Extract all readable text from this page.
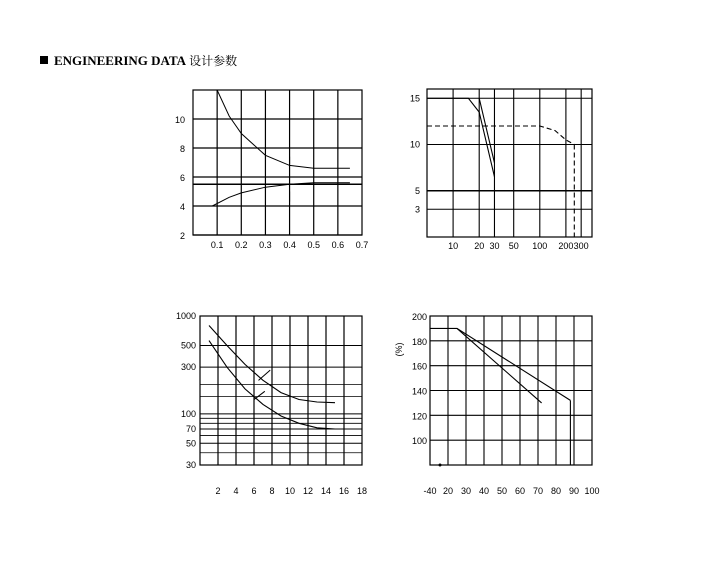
ENGINEERING DATA 设计参数
0.1 0.2 0.3 0.4 0.5 0.6 0.7
2
4
6
8
10
10 20 30 50 100 200 300
3
5
10
15
2 4 6 8 10 12 14 16 18
1000
500
300
100
70
50
30
-40 20 30 40 50 60 70 80 90 100
200
180
160
140
120
100
(%)
